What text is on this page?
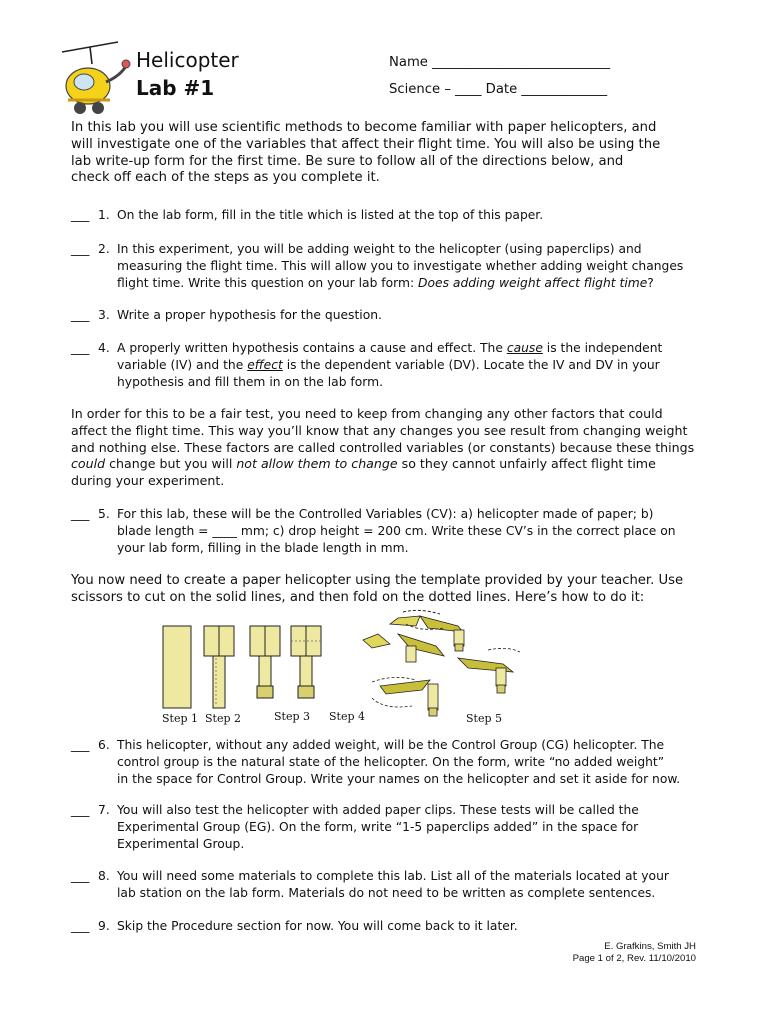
Helicopter
Lab #1
Name ___________________________
Science – ____ Date _____________
In this lab you will use scientific methods to become familiar with paper helicopters, and
will investigate one of the variables that affect their flight time. You will also be using the
lab write-up form for the first time. Be sure to follow all of the directions below, and
check off each of the steps as you complete it.
___ 1. On the lab form, fill in the title which is listed at the top of this paper.
___ 2. In this experiment, you will be adding weight to the helicopter (using paperclips) and
measuring the flight time. This will allow you to investigate whether adding weight changes
flight time. Write this question on your lab form: Does adding weight affect flight time?
___ 3. Write a proper hypothesis for the question.
___ 4. A properly written hypothesis contains a cause and effect. The cause is the independent
variable (IV) and the effect is the dependent variable (DV). Locate the IV and DV in your
hypothesis and fill them in on the lab form.
In order for this to be a fair test, you need to keep from changing any other factors that could
affect the flight time. This way you’ll know that any changes you see result from changing weight
and nothing else. These factors are called controlled variables (or constants) because these things
could change but you will not allow them to change so they cannot unfairly affect flight time
during your experiment.
___ 5. For this lab, these will be the Controlled Variables (CV): a) helicopter made of paper; b)
blade length = ____ mm; c) drop height = 200 cm. Write these CV’s in the correct place on
your lab form, filling in the blade length in mm.
You now need to create a paper helicopter using the template provided by your teacher. Use
scissors to cut on the solid lines, and then fold on the dotted lines. Here’s how to do it:
Step 1 Step 2	Step 3 Step 4	Step 5
___ 6. This helicopter, without any added weight, will be the Control Group (CG) helicopter. The
control group is the natural state of the helicopter. On the form, write “no added weight”
in the space for Control Group. Write your names on the helicopter and set it aside for now.
___ 7. You will also test the helicopter with added paper clips. These tests will be called the
Experimental Group (EG). On the form, write “1-5 paperclips added” in the space for
Experimental Group.
___ 8. You will need some materials to complete this lab. List all of the materials located at your
lab station on the lab form. Materials do not need to be written as complete sentences.
___ 9. Skip the Procedure section for now. You will come back to it later.
E. Grafkins, Smith JH
Page 1 of 2, Rev. 11/10/2010
